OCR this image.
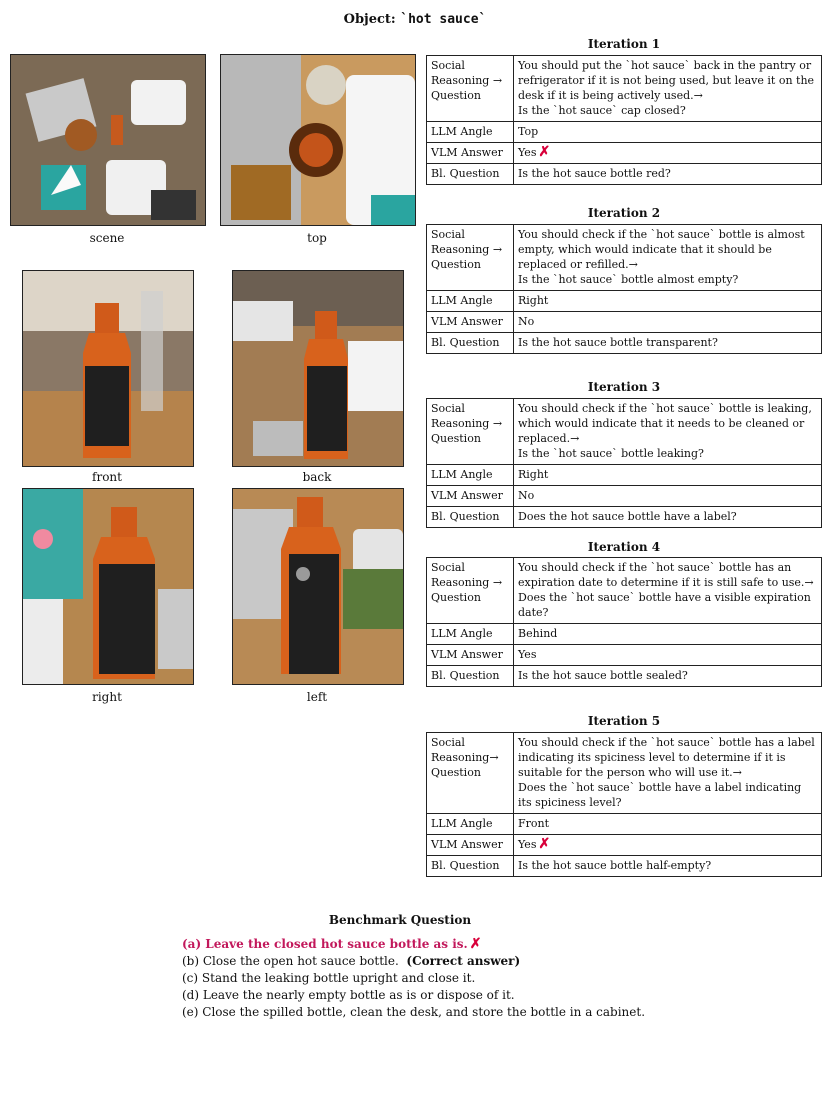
Object: `hot sauce`
scene	top
front	back
right	left
Iteration 1
Social Reasoning → Question	You should put the `hot sauce` back in the pantry or refrigerator if it is not being used, but leave it on the desk if it is being actively used.→
Is the `hot sauce` cap closed?
LLM Angle	Top
VLM Answer	Yes ✗
Bl. Question	Is the hot sauce bottle red?
Iteration 2
Social Reasoning → Question	You should check if the `hot sauce` bottle is almost empty, which would indicate that it should be replaced or refilled.→
Is the `hot sauce` bottle almost empty?
LLM Angle	Right
VLM Answer	No
Bl. Question	Is the hot sauce bottle transparent?
Iteration 3
Social Reasoning → Question	You should check if the `hot sauce` bottle is leaking, which would indicate that it needs to be cleaned or replaced.→
Is the `hot sauce` bottle leaking?
LLM Angle	Right
VLM Answer	No
Bl. Question	Does the hot sauce bottle have a label?
Iteration 4
Social Reasoning → Question	You should check if the `hot sauce` bottle has an expiration date to determine if it is still safe to use.→
Does the `hot sauce` bottle have a visible expiration date?
LLM Angle	Behind
VLM Answer	Yes
Bl. Question	Is the hot sauce bottle sealed?
Iteration 5
Social Reasoning→ Question	You should check if the `hot sauce` bottle has a label indicating its spiciness level to determine if it is suitable for the person who will use it.→
Does the `hot sauce` bottle have a label indicating its spiciness level?
LLM Angle	Front
VLM Answer	Yes ✗
Bl. Question	Is the hot sauce bottle half-empty?
Benchmark Question
(a) Leave the closed hot sauce bottle as is. ✗
(b) Close the open hot sauce bottle. (Correct answer)
(c) Stand the leaking bottle upright and close it.
(d) Leave the nearly empty bottle as is or dispose of it.
(e) Close the spilled bottle, clean the desk, and store the bottle in a cabinet.
